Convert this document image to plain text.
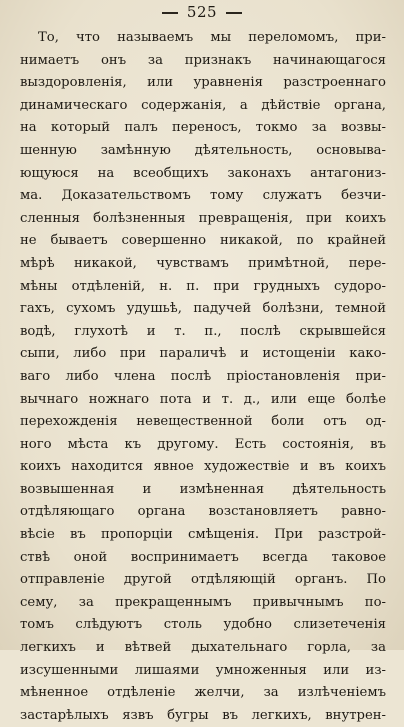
525
То, что называемъ мы переломомъ, при-
нимаетъ онъ за признакъ начинающагося
выздоровленія, или уравненія разстроеннаго
динамическаго содержанія, а дѣйствіе органа,
на который палъ переносъ, токмо за возвы-
шенную замѣнную дѣятельность, основыва-
ющуюся на всеобщихъ законахъ антагониз-
ма. Доказательствомъ тому служатъ безчи-
сленныя болѣзненныя превращенія, при коихъ
не бываетъ совершенно никакой, по крайней
мѣрѣ никакой, чувствамъ примѣтной, пере-
мѣны отдѣленій, н. п. при грудныхъ судоро-
гахъ, сухомъ удушьѣ, падучей болѣзни, темной
водѣ, глухотѣ и т. п., послѣ скрывшейся
сыпи, либо при параличѣ и истощеніи како-
ваго либо члена послѣ пріостановленія при-
вычнаго ножнаго пота и т. д., или еще болѣе
перехожденія невещественной боли отъ од-
ного мѣста къ другому. Есть состоянія, въ
коихъ находится явное художествіе и въ коихъ
возвышенная и измѣненная дѣятельность
отдѣляющаго органа возстановляетъ равно-
вѣсіе въ пропорціи смѣщенія. При разстрой-
ствѣ оной воспринимаетъ всегда таковое
отправленіе другой отдѣляющій органъ. По
сему, за прекращеннымъ привычнымъ по-
томъ слѣдуютъ столь удобно слизетеченія
легкихъ и вѣтвей дыхательнаго горла, за
изсушенными лишаями умноженныя или из-
мѣненное отдѣленіе желчи, за излѣченіемъ
застарѣлыхъ язвъ бугры въ легкихъ, внутрен-
